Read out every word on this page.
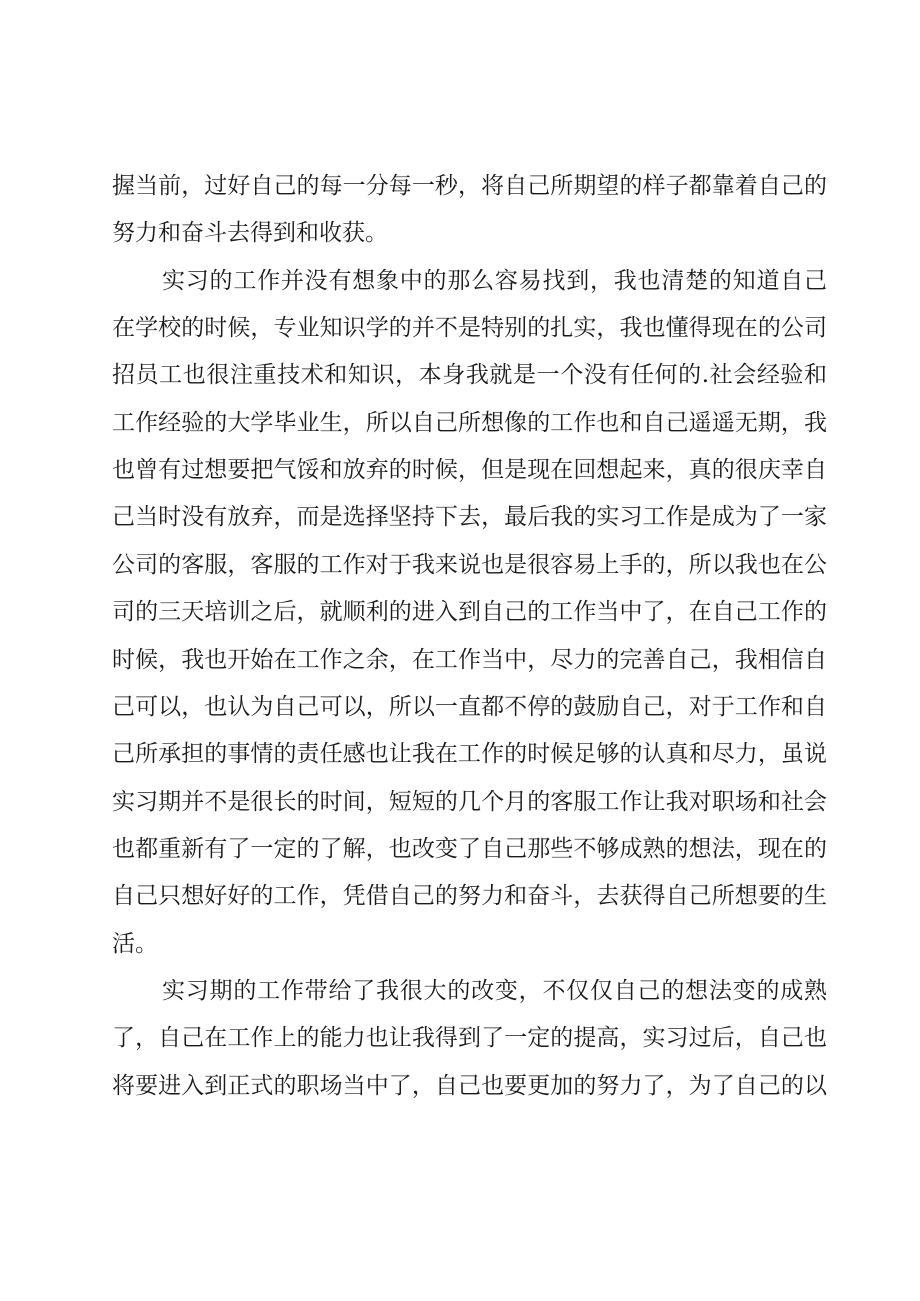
握当前，过好自己的每一分每一秒，将自己所期望的样子都靠着自己的
努力和奋斗去得到和收获。
实习的工作并没有想象中的那么容易找到，我也清楚的知道自己
在学校的时候，专业知识学的并不是特别的扎实，我也懂得现在的公司
招员工也很注重技术和知识，本身我就是一个没有任何的.社会经验和
工作经验的大学毕业生，所以自己所想像的工作也和自己遥遥无期，我
也曾有过想要把气馁和放弃的时候，但是现在回想起来，真的很庆幸自
己当时没有放弃，而是选择坚持下去，最后我的实习工作是成为了一家
公司的客服，客服的工作对于我来说也是很容易上手的，所以我也在公
司的三天培训之后，就顺利的进入到自己的工作当中了，在自己工作的
时候，我也开始在工作之余，在工作当中，尽力的完善自己，我相信自
己可以，也认为自己可以，所以一直都不停的鼓励自己，对于工作和自
己所承担的事情的责任感也让我在工作的时候足够的认真和尽力，虽说
实习期并不是很长的时间，短短的几个月的客服工作让我对职场和社会
也都重新有了一定的了解，也改变了自己那些不够成熟的想法，现在的
自己只想好好的工作，凭借自己的努力和奋斗，去获得自己所想要的生
活。
实习期的工作带给了我很大的改变，不仅仅自己的想法变的成熟
了，自己在工作上的能力也让我得到了一定的提高，实习过后，自己也
将要进入到正式的职场当中了，自己也要更加的努力了，为了自己的以
